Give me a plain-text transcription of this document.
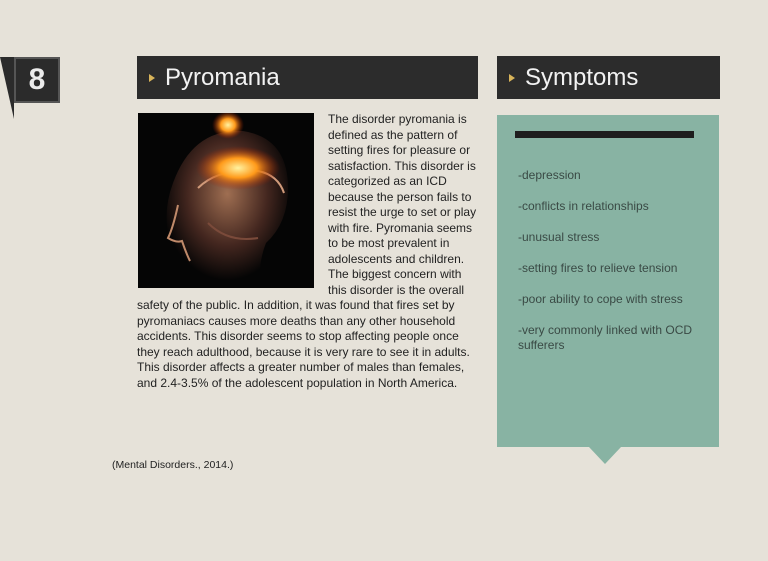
8	Pyromania	Symptoms
The disorder pyromania is defined as the pattern of setting fires for pleasure or satisfaction. This disorder is categorized as an ICD because the person fails to resist the urge to set or play with fire. Pyromania seems to be most prevalent in adolescents and children. The biggest concern with this disorder is the overall safety of the public. In addition, it was found that fires set by pyromaniacs causes more deaths than any other household accidents. This disorder seems to stop affecting people once they reach adulthood, because it is very rare to see it in adults. This disorder affects a greater number of males than females, and 2.4-3.5% of the adolescent population in North America.
(Mental Disorders., 2014.)
-depression
-conflicts in relationships
-unusual stress
-setting fires to relieve tension
-poor ability to cope with stress
-very commonly linked with OCD sufferers
